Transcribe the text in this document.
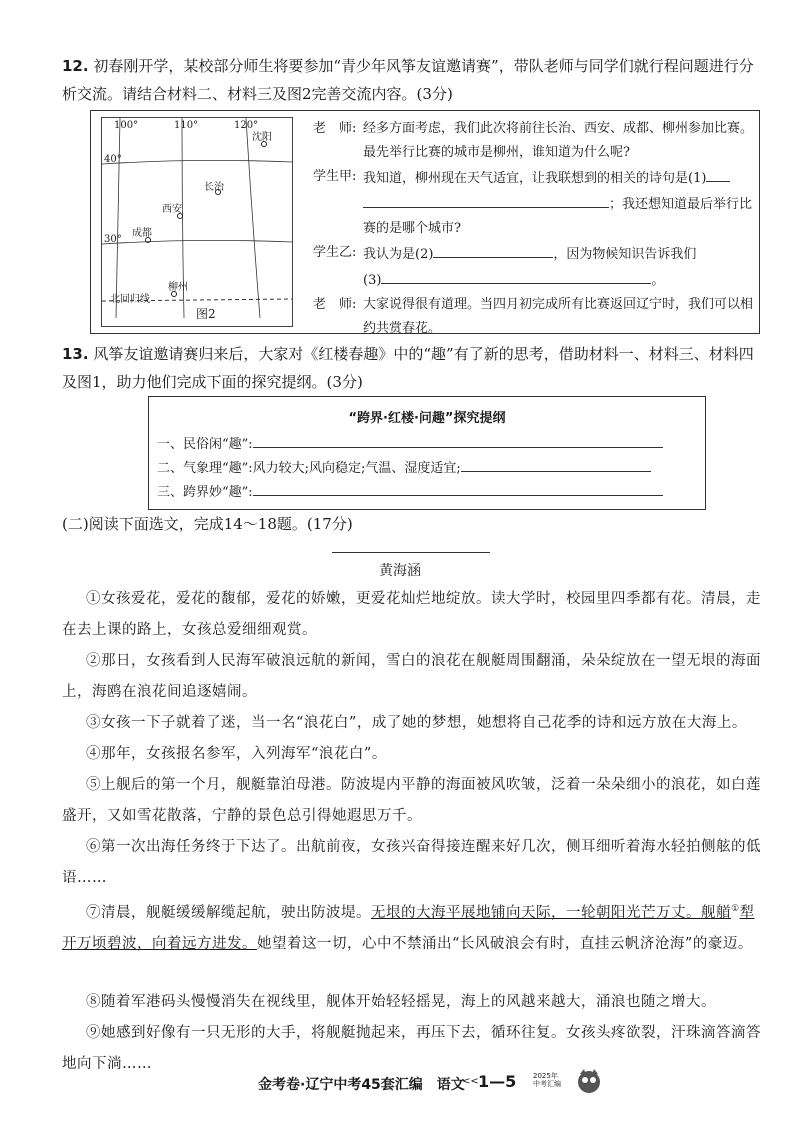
12. 初春刚开学，某校部分师生将要参加“青少年风筝友谊邀请赛”，带队老师与同学们就行程问题进行分析交流。请结合材料二、材料三及图2完善交流内容。(3分)
100°	110°	120°
40°
30°
沈阳
西安
长治
成都
柳州
北回归线
图2
老　师: 经多方面考虑，我们此次将前往长治、西安、成都、柳州参加比赛。最先举行比赛的城市是柳州，谁知道为什么呢?
学生甲: 我知道，柳州现在天气适宜，让我联想到的相关的诗句是(1)
；我还想知道最后举行比赛的是哪个城市?
学生乙: 我认为是(2)	，因为物候知识告诉我们
(3)	。
老　师: 大家说得很有道理。当四月初完成所有比赛返回辽宁时，我们可以相约共赏春花。
13. 风筝友谊邀请赛归来后，大家对《红楼春趣》中的“趣”有了新的思考，借助材料一、材料三、材料四及图1，助力他们完成下面的探究提纲。(3分)
“跨界·红楼·问趣”探究提纲
一、民俗闲“趣”:
二、气象理“趣”:风力较大;风向稳定;气温、湿度适宜;
三、跨界妙“趣”:
(二)阅读下面选文，完成14～18题。(17分)
黄海涵
①女孩爱花，爱花的馥郁，爱花的娇嫩，更爱花灿烂地绽放。读大学时，校园里四季都有花。清晨，走在去上课的路上，女孩总爱细细观赏。
②那日，女孩看到人民海军破浪远航的新闻，雪白的浪花在舰艇周围翻涌，朵朵绽放在一望无垠的海面上，海鸥在浪花间追逐嬉闹。
③女孩一下子就着了迷，当一名“浪花白”，成了她的梦想，她想将自己花季的诗和远方放在大海上。
④那年，女孩报名参军，入列海军“浪花白”。
⑤上舰后的第一个月，舰艇靠泊母港。防波堤内平静的海面被风吹皱，泛着一朵朵细小的浪花，如白莲盛开，又如雪花散落，宁静的景色总引得她遐思万千。
⑥第一次出海任务终于下达了。出航前夜，女孩兴奋得接连醒来好几次，侧耳细听着海水轻拍侧舷的低语……
⑦清晨，舰艇缓缓解缆起航，驶出防波堤。无垠的大海平展地铺向天际，一轮朝阳光芒万丈。舰艏①犁开万顷碧波，向着远方进发。她望着这一切，心中不禁涌出“长风破浪会有时，直挂云帆济沧海”的豪迈。
⑧随着军港码头慢慢消失在视线里，舰体开始轻轻摇晃，海上的风越来越大，涌浪也随之增大。
⑨她感到好像有一只无形的大手，将舰艇抛起来，再压下去，循环往复。女孩头疼欲裂，汗珠滴答滴答地向下淌……
金考卷·辽宁中考45套汇编　语文
<< 1—5 2025年
中考汇编
